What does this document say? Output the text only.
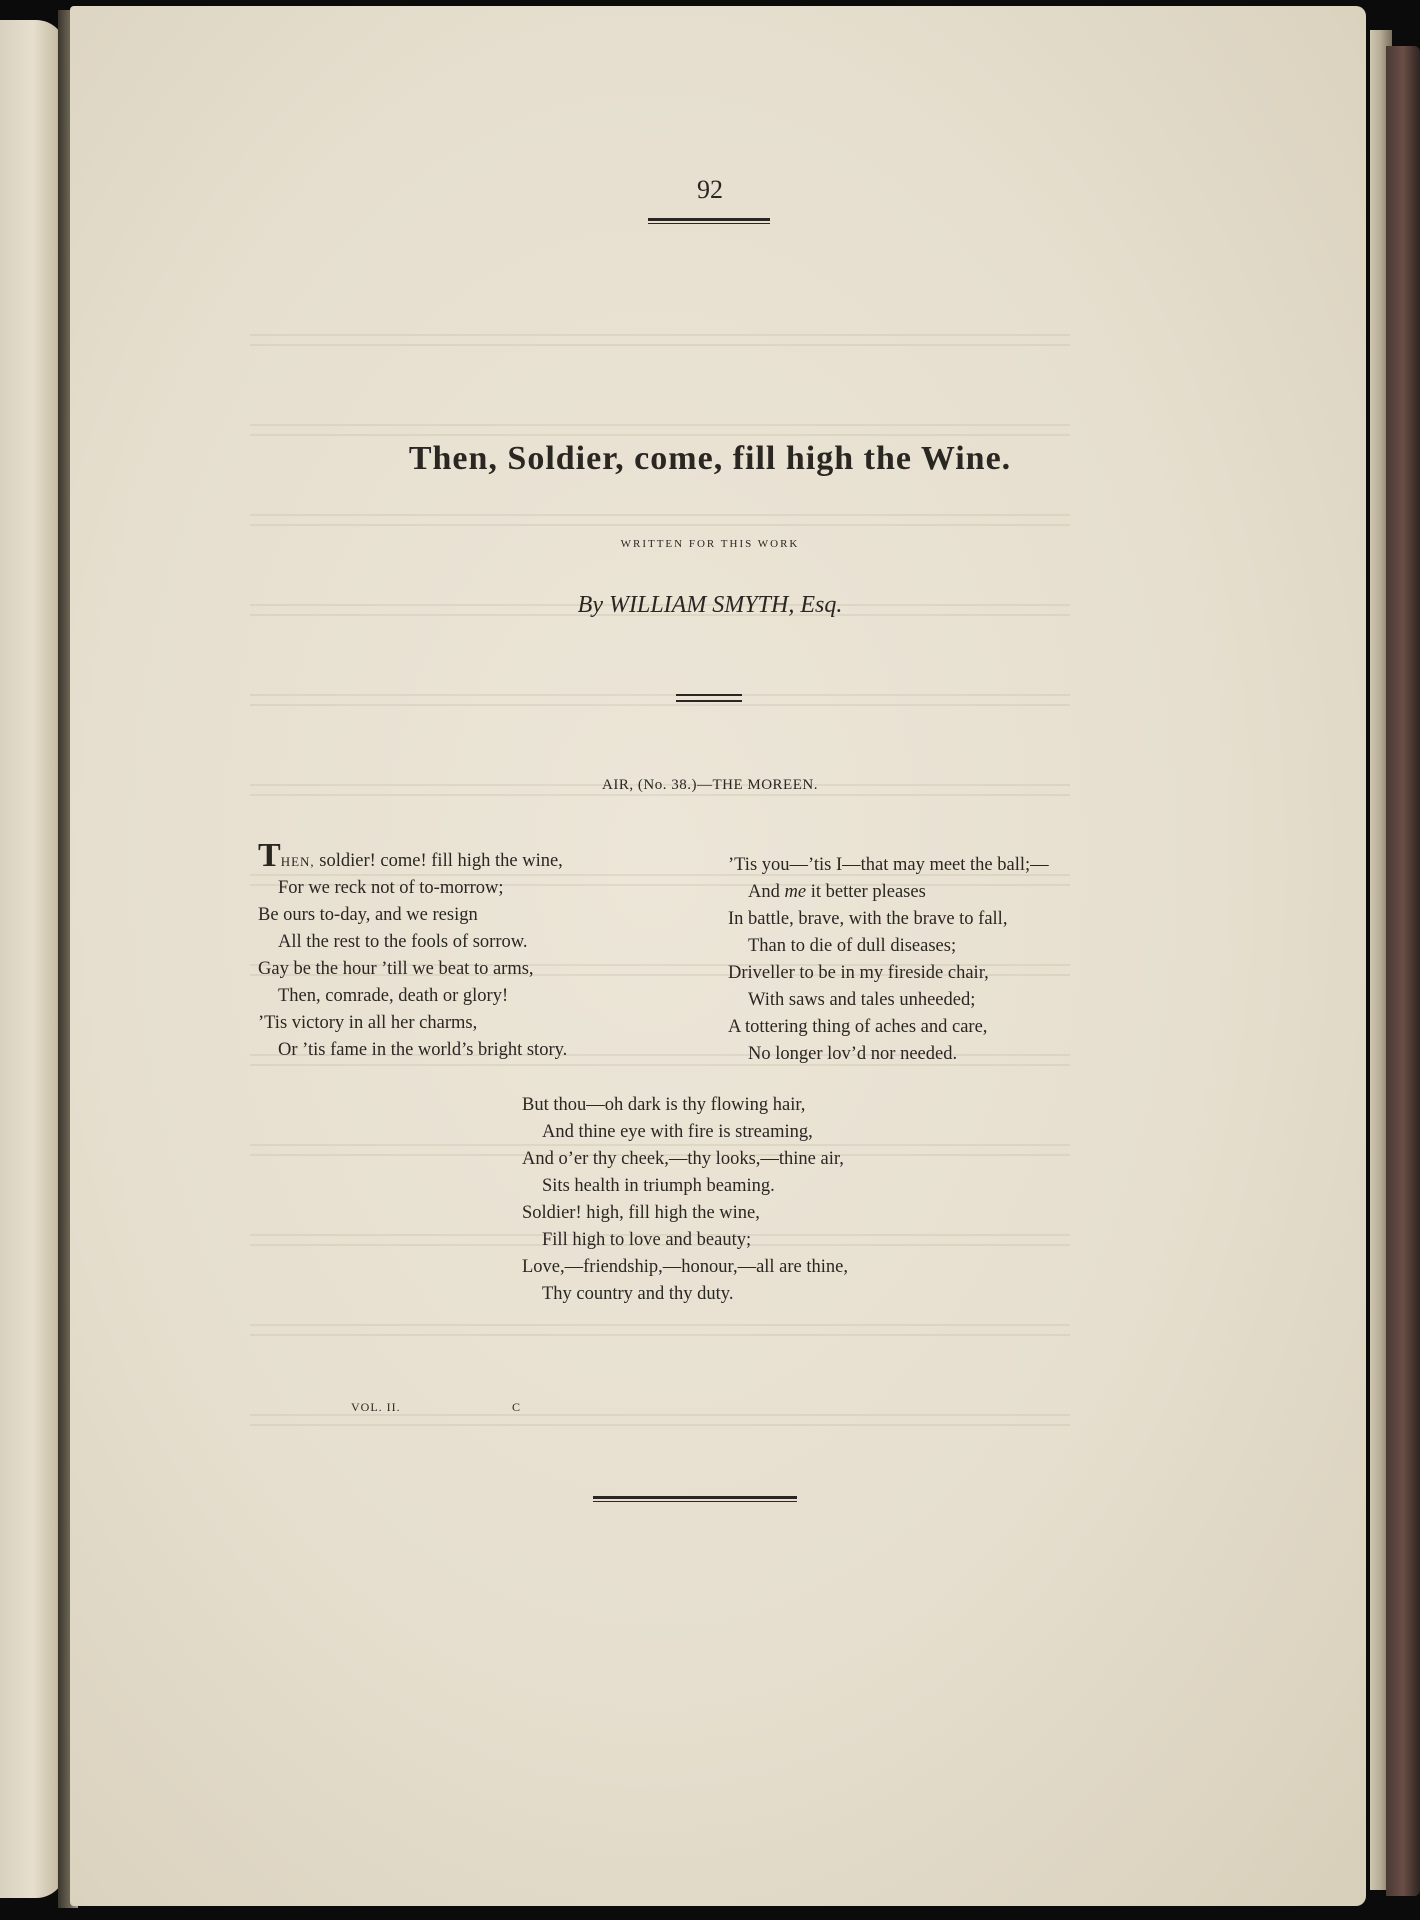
92
Then, Soldier, come, fill high the Wine.
WRITTEN FOR THIS WORK
By WILLIAM SMYTH, Esq.
AIR, (No. 38.)—THE MOREEN.
THEN, soldier! come! fill high the wine,
For we reck not of to-morrow;
Be ours to-day, and we resign
All the rest to the fools of sorrow.
Gay be the hour ’till we beat to arms,
Then, comrade, death or glory!
’Tis victory in all her charms,
Or ’tis fame in the world’s bright story.
’Tis you—’tis I—that may meet the ball;—
And me it better pleases
In battle, brave, with the brave to fall,
Than to die of dull diseases;
Driveller to be in my fireside chair,
With saws and tales unheeded;
A tottering thing of aches and care,
No longer lov’d nor needed.
But thou—oh dark is thy flowing hair,
And thine eye with fire is streaming,
And o’er thy cheek,—thy looks,—thine air,
Sits health in triumph beaming.
Soldier! high, fill high the wine,
Fill high to love and beauty;
Love,—friendship,—honour,—all are thine,
Thy country and thy duty.
VOL. II.	C
